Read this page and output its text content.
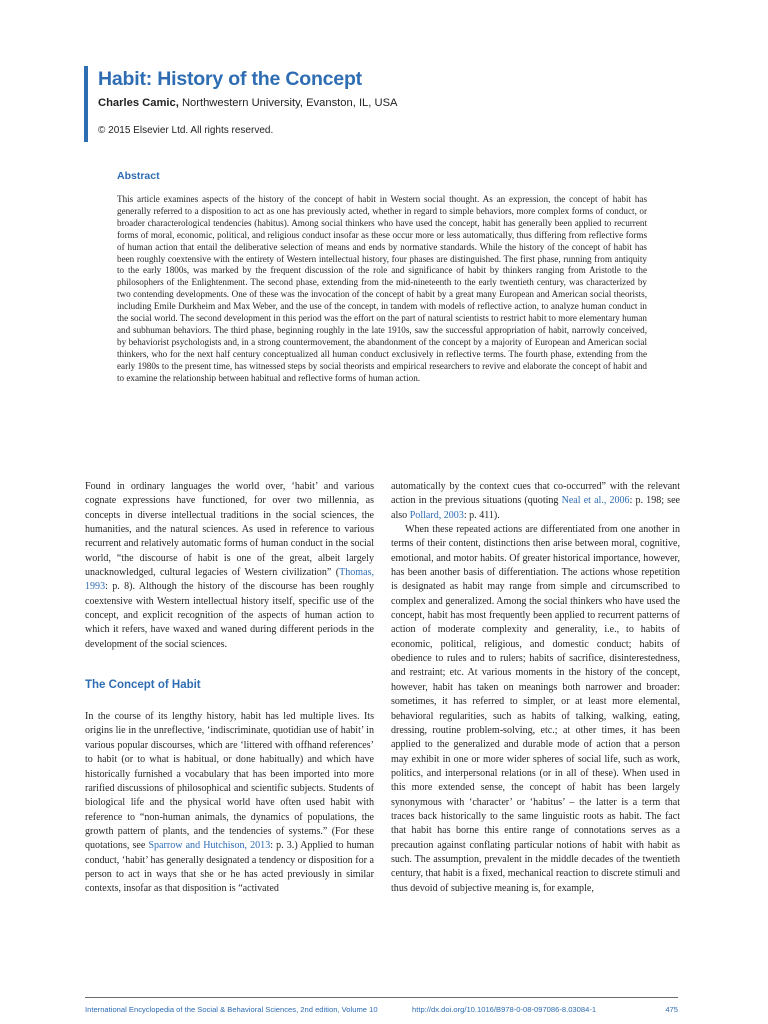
Habit: History of the Concept
Charles Camic, Northwestern University, Evanston, IL, USA
© 2015 Elsevier Ltd. All rights reserved.
Abstract

This article examines aspects of the history of the concept of habit in Western social thought. As an expression, the concept of habit has generally referred to a disposition to act as one has previously acted, whether in regard to simple behaviors, more complex forms of conduct, or broader characterological tendencies (habitus). Among social thinkers who have used the concept, habit has generally been applied to recurrent forms of moral, economic, political, and religious conduct insofar as these occur more or less automatically, thus differing from reflective forms of human action that entail the deliberative selection of means and ends by normative standards. While the history of the concept of habit has been roughly coextensive with the entirety of Western intellectual history, four phases are distinguished. The first phase, running from antiquity to the early 1800s, was marked by the frequent discussion of the role and significance of habit by thinkers ranging from Aristotle to the philosophers of the Enlightenment. The second phase, extending from the mid-nineteenth to the early twentieth century, was characterized by two contending developments. One of these was the invocation of the concept of habit by a great many European and American social theorists, including Emile Durkheim and Max Weber, and the use of the concept, in tandem with models of reflective action, to analyze human conduct in the social world. The second development in this period was the effort on the part of natural scientists to restrict habit to more elementary human and subhuman behaviors. The third phase, beginning roughly in the late 1910s, saw the successful appropriation of habit, narrowly conceived, by behaviorist psychologists and, in a strong countermovement, the abandonment of the concept by a majority of European and American social thinkers, who for the next half century conceptualized all human conduct exclusively in reflective terms. The fourth phase, extending from the early 1980s to the present time, has witnessed steps by social theorists and empirical researchers to revive and elaborate the concept of habit and to examine the relationship between habitual and reflective forms of human action.

Found in ordinary languages the world over, ‘habit’ and various cognate expressions have functioned, for over two millennia, as concepts in diverse intellectual traditions in the social sciences, the humanities, and the natural sciences. As used in reference to various recurrent and relatively automatic forms of human conduct in the social world, “the discourse of habit is one of the great, albeit largely unacknowledged, cultural legacies of Western civilization” (Thomas, 1993: p. 8). Although the history of the discourse has been roughly coextensive with Western intellectual history itself, specific use of the concept, and explicit recognition of the aspects of human action to which it refers, have waxed and waned during different periods in the development of the social sciences.

The Concept of Habit

In the course of its lengthy history, habit has led multiple lives. Its origins lie in the unreflective, ‘indiscriminate, quotidian use of habit’ in various popular discourses, which are ‘littered with offhand references’ to habit (or to what is habitual, or done habitually) and which have historically furnished a vocabulary that has been imported into more rarified discussions of philosophical and scientific subjects. Students of biological life and the physical world have often used habit with reference to “non-human animals, the dynamics of populations, the growth pattern of plants, and the tendencies of systems.” (For these quotations, see Sparrow and Hutchison, 2013: p. 3.) Applied to human conduct, ‘habit’ has generally designated a tendency or disposition for a person to act in ways that she or he has acted previously in similar contexts, insofar as that disposition is “activated

automatically by the context cues that co-occurred” with the relevant action in the previous situations (quoting Neal et al., 2006: p. 198; see also Pollard, 2003: p. 411).

When these repeated actions are differentiated from one another in terms of their content, distinctions then arise between moral, cognitive, emotional, and motor habits. Of greater historical importance, however, has been another basis of differentiation. The actions whose repetition is designated as habit may range from simple and circumscribed to complex and generalized. Among the social thinkers who have used the concept, habit has most frequently been applied to recurrent patterns of action of moderate complexity and generality, i.e., to habits of economic, political, religious, and domestic conduct; habits of obedience to rules and to rulers; habits of sacrifice, disinterestedness, and restraint; etc. At various moments in the history of the concept, however, habit has taken on meanings both narrower and broader: sometimes, it has referred to simpler, or at least more elemental, behavioral regularities, such as habits of talking, walking, eating, dressing, routine problem-solving, etc.; at other times, it has been applied to the generalized and durable mode of action that a person may exhibit in one or more wider spheres of social life, such as work, politics, and interpersonal relations (or in all of these). When used in this more extended sense, the concept of habit has been largely synonymous with ‘character’ or ‘habitus’ – the latter is a term that traces back historically to the same linguistic roots as habit. The fact that habit has borne this entire range of connotations serves as a precaution against conflating particular notions of habit with habit as such. The assumption, prevalent in the middle decades of the twentieth century, that habit is a fixed, mechanical reaction to discrete stimuli and thus devoid of subjective meaning is, for example,

International Encyclopedia of the Social & Behavioral Sciences, 2nd edition, Volume 10	http://dx.doi.org/10.1016/B978-0-08-097086-8.03084-1	475
